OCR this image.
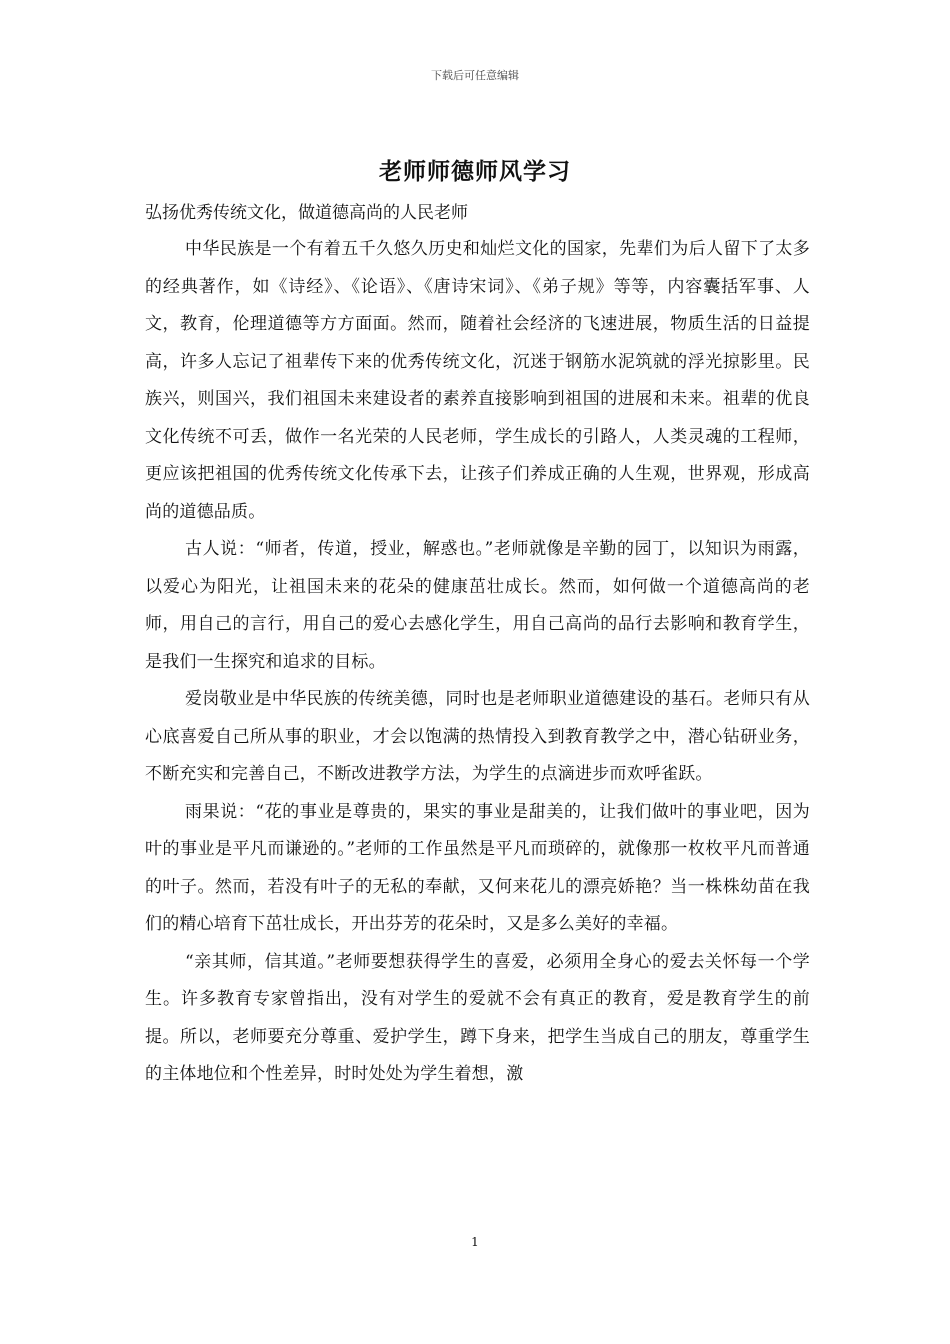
下载后可任意编辑
老师师德师风学习
弘扬优秀传统文化，做道德高尚的人民老师

中华民族是一个有着五千久悠久历史和灿烂文化的国家，先辈们为后人留下了太多的经典著作，如《诗经》、《论语》、《唐诗宋词》、《弟子规》等等，内容囊括军事、人文，教育，伦理道德等方方面面。然而，随着社会经济的飞速进展，物质生活的日益提高，许多人忘记了祖辈传下来的优秀传统文化，沉迷于钢筋水泥筑就的浮光掠影里。民族兴，则国兴，我们祖国未来建设者的素养直接影响到祖国的进展和未来。祖辈的优良文化传统不可丢，做作一名光荣的人民老师，学生成长的引路人，人类灵魂的工程师，更应该把祖国的优秀传统文化传承下去，让孩子们养成正确的人生观，世界观，形成高尚的道德品质。

古人说：“师者，传道，授业，解惑也。”老师就像是辛勤的园丁，以知识为雨露，以爱心为阳光，让祖国未来的花朵的健康茁壮成长。然而，如何做一个道德高尚的老师，用自己的言行，用自己的爱心去感化学生，用自己高尚的品行去影响和教育学生，是我们一生探究和追求的目标。

爱岗敬业是中华民族的传统美德，同时也是老师职业道德建设的基石。老师只有从心底喜爱自己所从事的职业，才会以饱满的热情投入到教育教学之中，潜心钻研业务，不断充实和完善自己，不断改进教学方法，为学生的点滴进步而欢呼雀跃。

雨果说：“花的事业是尊贵的，果实的事业是甜美的，让我们做叶的事业吧，因为叶的事业是平凡而谦逊的。”老师的工作虽然是平凡而琐碎的，就像那一枚枚平凡而普通的叶子。然而，若没有叶子的无私的奉献，又何来花儿的漂亮娇艳？当一株株幼苗在我们的精心培育下茁壮成长，开出芬芳的花朵时，又是多么美好的幸福。

“亲其师，信其道。”老师要想获得学生的喜爱，必须用全身心的爱去关怀每一个学生。许多教育专家曾指出，没有对学生的爱就不会有真正的教育，爱是教育学生的前提。所以，老师要充分尊重、爱护学生，蹲下身来，把学生当成自己的朋友，尊重学生的主体地位和个性差异，时时处处为学生着想，激

1
